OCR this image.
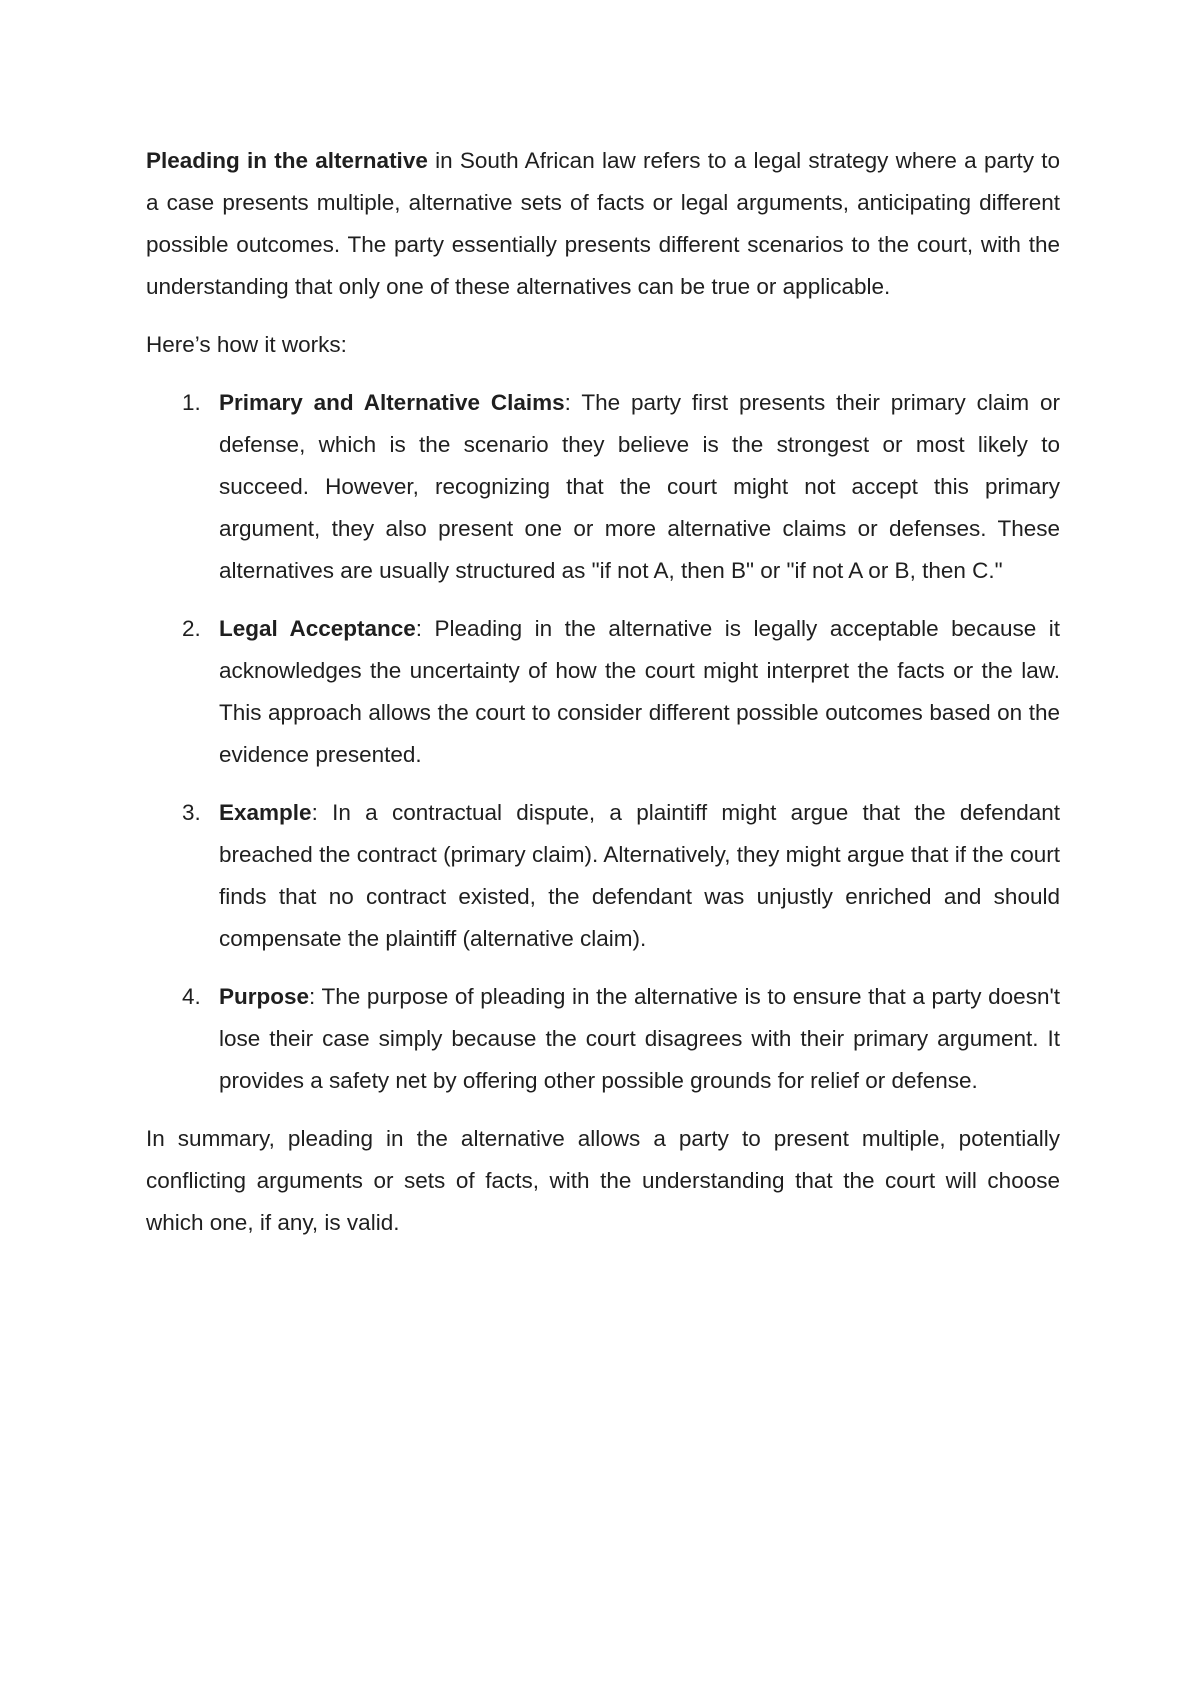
Pleading in the alternative in South African law refers to a legal strategy where a party to a case presents multiple, alternative sets of facts or legal arguments, anticipating different possible outcomes. The party essentially presents different scenarios to the court, with the understanding that only one of these alternatives can be true or applicable.

Here’s how it works:

1. Primary and Alternative Claims: The party first presents their primary claim or defense, which is the scenario they believe is the strongest or most likely to succeed. However, recognizing that the court might not accept this primary argument, they also present one or more alternative claims or defenses. These alternatives are usually structured as "if not A, then B" or "if not A or B, then C."
2. Legal Acceptance: Pleading in the alternative is legally acceptable because it acknowledges the uncertainty of how the court might interpret the facts or the law. This approach allows the court to consider different possible outcomes based on the evidence presented.
3. Example: In a contractual dispute, a plaintiff might argue that the defendant breached the contract (primary claim). Alternatively, they might argue that if the court finds that no contract existed, the defendant was unjustly enriched and should compensate the plaintiff (alternative claim).
4. Purpose: The purpose of pleading in the alternative is to ensure that a party doesn't lose their case simply because the court disagrees with their primary argument. It provides a safety net by offering other possible grounds for relief or defense.

In summary, pleading in the alternative allows a party to present multiple, potentially conflicting arguments or sets of facts, with the understanding that the court will choose which one, if any, is valid.
